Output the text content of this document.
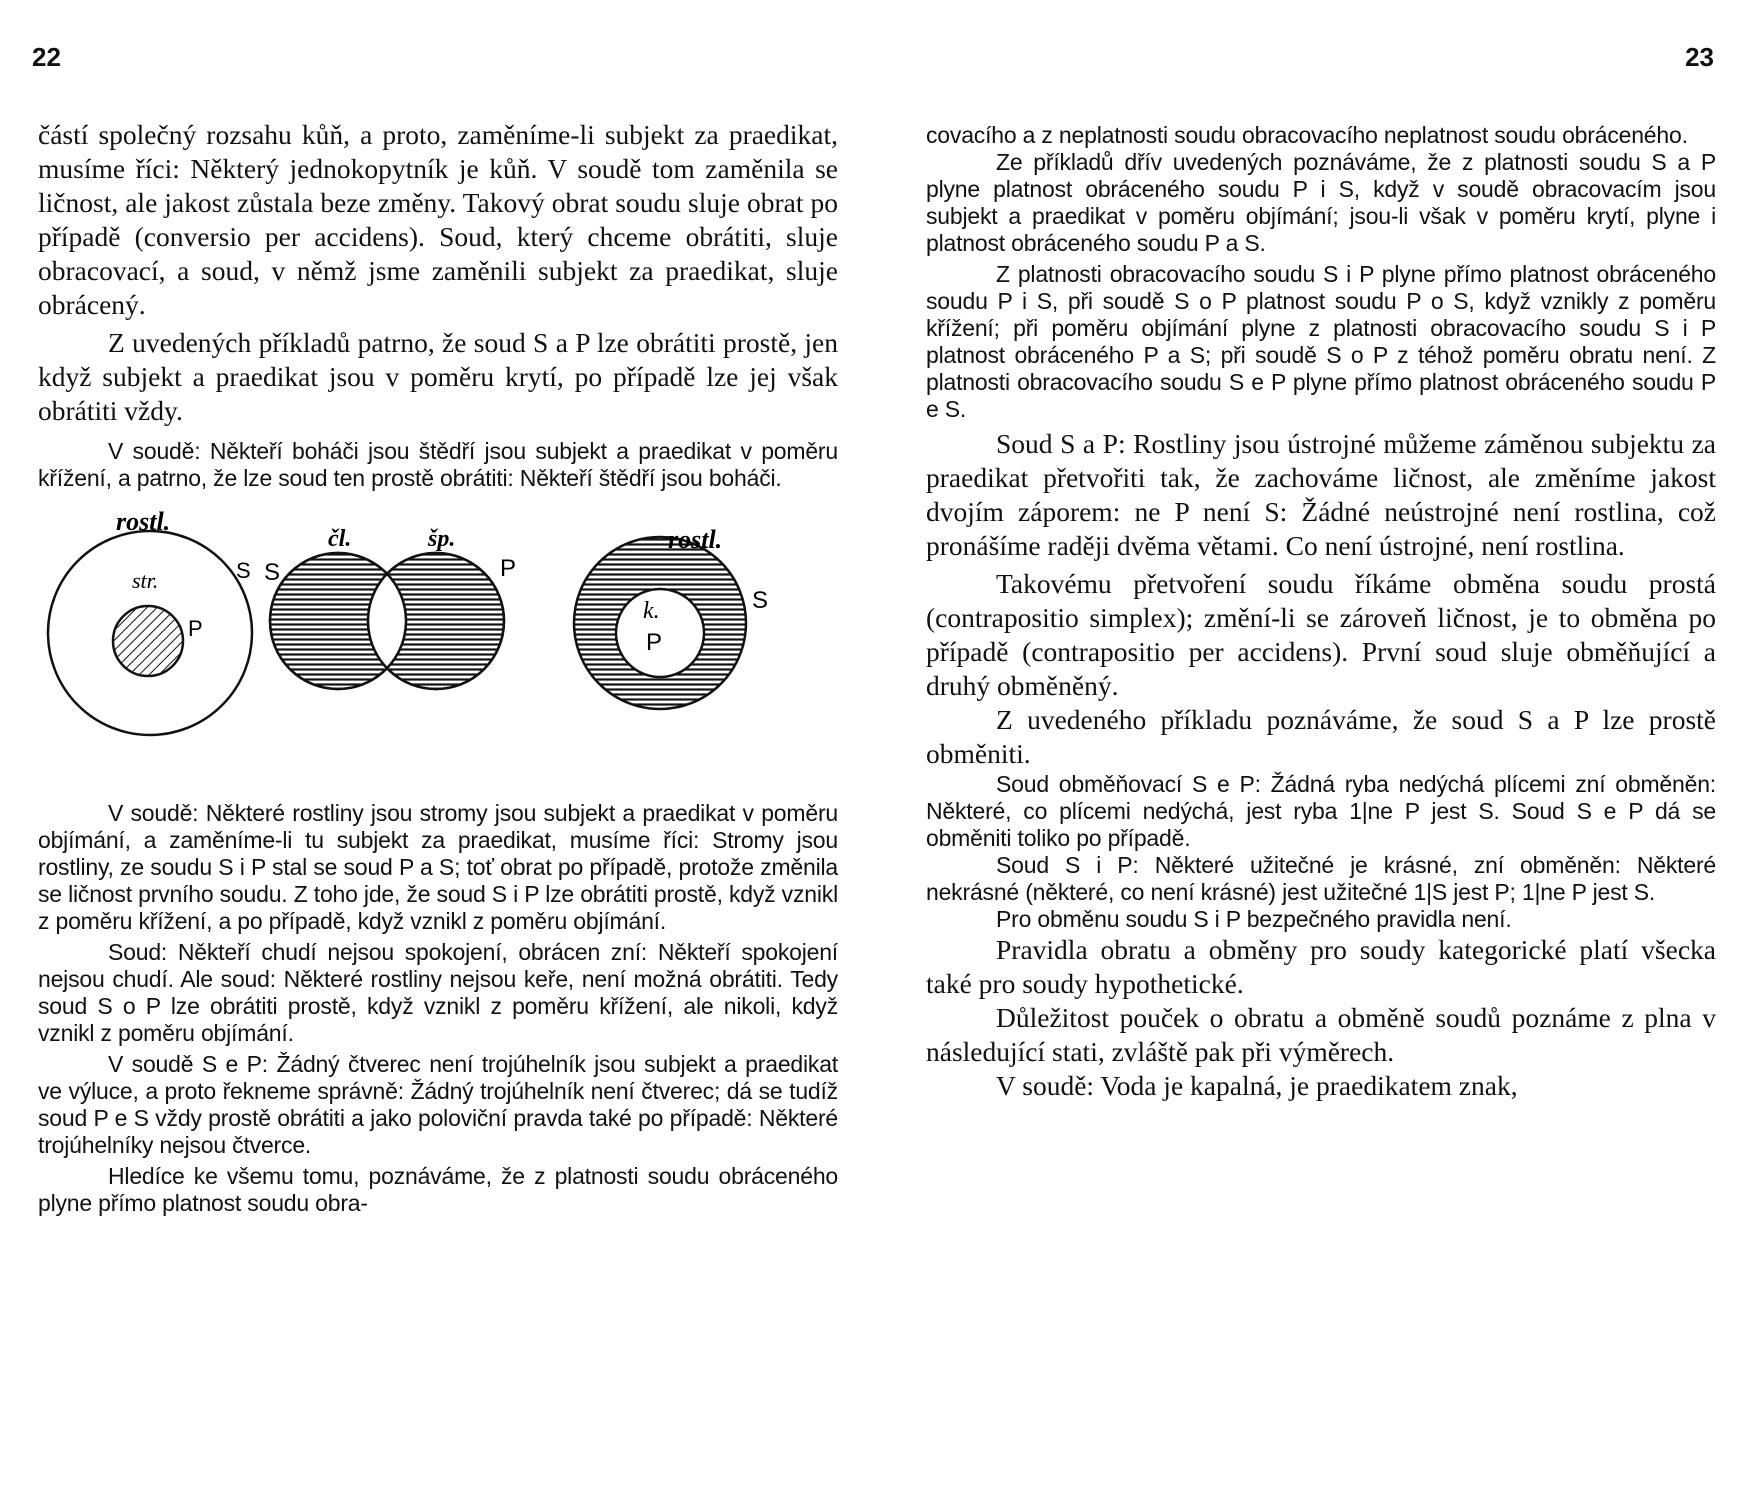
22

částí společný rozsahu kůň, a proto, zaměníme-li subjekt za praedikat, musíme říci: Některý jednokopytník je kůň. V soudě tom zaměnila se ličnost, ale jakost zůstala beze změny. Takový obrat soudu sluje obrat po případě (conversio per accidens). Soud, který chceme obrátiti, sluje obracovací, a soud, v němž jsme zaměnili subjekt za praedikat, sluje obrácený.

Z uvedených příkladů patrno, že soud S a P lze obrátiti prostě, jen když subjekt a praedikat jsou v poměru krytí, po případě lze jej však obrátiti vždy.

V soudě: Někteří boháči jsou štědří jsou subjekt a praedikat v poměru křížení, a patrno, že lze soud ten prostě obrátiti: Někteří štědří jsou boháči.

rostl.
str.	S
P
čl.	šp.
S	P
rostl.
k.
P
S

V soudě: Některé rostliny jsou stromy jsou subjekt a praedikat v poměru objímání, a zaměníme-li tu subjekt za praedikat, musíme říci: Stromy jsou rostliny, ze soudu S i P stal se soud P a S; toť obrat po případě, protože změnila se ličnost prvního soudu. Z toho jde, že soud S i P lze obrátiti prostě, když vznikl z poměru křížení, a po případě, když vznikl z poměru objímání.

Soud: Někteří chudí nejsou spokojení, obrácen zní: Někteří spokojení nejsou chudí. Ale soud: Některé rostliny nejsou keře, není možná obrátiti. Tedy soud S o P lze obrátiti prostě, když vznikl z poměru křížení, ale nikoli, když vznikl z poměru objímání.

V soudě S e P: Žádný čtverec není trojúhelník jsou subjekt a praedikat ve výluce, a proto řekneme správně: Žádný trojúhelník není čtverec; dá se tudíž soud P e S vždy prostě obrátiti a jako poloviční pravda také po případě: Některé trojúhelníky nejsou čtverce.

Hledíce ke všemu tomu, poznáváme, že z platnosti soudu obráceného plyne přímo platnost soudu obra-

23

covacího a z neplatnosti soudu obracovacího neplatnost soudu obráceného.

Ze příkladů dřív uvedených poznáváme, že z platnosti soudu S a P plyne platnost obráceného soudu P i S, když v soudě obracovacím jsou subjekt a praedikat v poměru objímání; jsou-li však v poměru krytí, plyne i platnost obráceného soudu P a S.

Z platnosti obracovacího soudu S i P plyne přímo platnost obráceného soudu P i S, při soudě S o P platnost soudu P o S, když vznikly z poměru křížení; při poměru objímání plyne z platnosti obracovacího soudu S i P platnost obráceného P a S; při soudě S o P z téhož poměru obratu není. Z platnosti obracovacího soudu S e P plyne přímo platnost obráceného soudu P e S.

Soud S a P: Rostliny jsou ústrojné můžeme záměnou subjektu za praedikat přetvořiti tak, že zachováme ličnost, ale změníme jakost dvojím záporem: ne P není S: Žádné neústrojné není rostlina, což pronášíme raději dvěma větami. Co není ústrojné, není rostlina.

Takovému přetvoření soudu říkáme obměna soudu prostá (contrapositio simplex); změní-li se zároveň ličnost, je to obměna po případě (contrapositio per accidens). První soud sluje obměňující a druhý obměněný.

Z uvedeného příkladu poznáváme, že soud S a P lze prostě obměniti.

Soud obměňovací S e P: Žádná ryba nedýchá plícemi zní obměněn: Některé, co plícemi nedýchá, jest ryba 1|ne P jest S. Soud S e P dá se obměniti toliko po případě.

Soud S i P: Některé užitečné je krásné, zní obměněn: Některé nekrásné (některé, co není krásné) jest užitečné 1|S jest P; 1|ne P jest S.

Pro obměnu soudu S i P bezpečného pravidla není.

Pravidla obratu a obměny pro soudy kategorické platí všecka také pro soudy hypothetické.

Důležitost pouček o obratu a obměně soudů poznáme z plna v následující stati, zvláště pak při výměrech.

V soudě: Voda je kapalná, je praedikatem znak,
